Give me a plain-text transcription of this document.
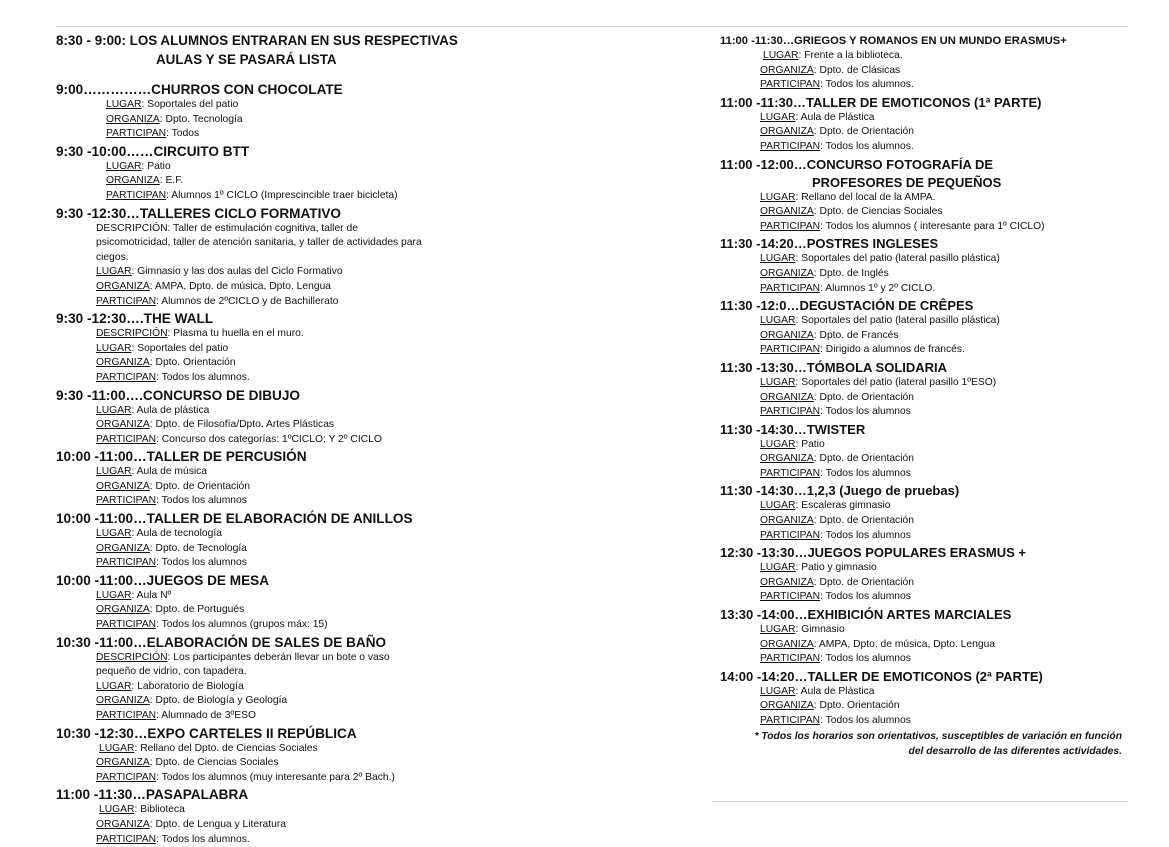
8:30 - 9:00: LOS ALUMNOS ENTRARAN EN SUS RESPECTIVAS
AULAS Y SE PASARÁ LISTA
9:00……………CHURROS CON CHOCOLATE
LUGAR: Soportales del patio
ORGANIZA: Dpto. Tecnología
PARTICIPAN: Todos
9:30 -10:00……CIRCUITO BTT
LUGAR: Patio
ORGANIZA: E.F.
PARTICIPAN: Alumnos 1º CICLO (Imprescincible traer bicicleta)
9:30 -12:30…TALLERES CICLO FORMATIVO
DESCRIPCIÓN: Taller de estimulación cognitiva, taller de psicomotricidad, taller de atención sanitaria, y taller de actividades para ciegos.
LUGAR: Gimnasio y las dos aulas del Ciclo Formativo
ORGANIZA: AMPA, Dpto. de música, Dpto. Lengua
PARTICIPAN: Alumnos de 2ºCICLO y de Bachillerato
9:30 -12:30….THE WALL
DESCRIPCIÓN: Plasma tu huella en el muro.
LUGAR: Soportales del patio
ORGANIZA: Dpto. Orientación
PARTICIPAN: Todos los alumnos.
9:30 -11:00….CONCURSO DE DIBUJO
LUGAR: Aula de plástica
ORGANIZA: Dpto. de Filosofía/Dpto. Artes Plásticas
PARTICIPAN: Concurso dos categorías: 1ºCICLO; Y 2º CICLO
10:00 -11:00…TALLER DE PERCUSIÓN
LUGAR: Aula de música
ORGANIZA: Dpto. de Orientación
PARTICIPAN: Todos los alumnos
10:00 -11:00…TALLER DE ELABORACIÓN DE ANILLOS
LUGAR: Aula de tecnología
ORGANIZA: Dpto. de Tecnología
PARTICIPAN: Todos los alumnos
10:00 -11:00…JUEGOS DE MESA
LUGAR: Aula Nº
ORGANIZA: Dpto. de Portugués
PARTICIPAN: Todos los alumnos (grupos máx: 15)
10:30 -11:00…ELABORACIÓN DE SALES DE BAÑO
DESCRIPCIÓN: Los participantes deberán llevar un bote o vaso pequeño de vidrio, con tapadera.
LUGAR: Laboratorio de Biología
ORGANIZA: Dpto. de Biología y Geología
PARTICIPAN: Alumnado de 3ºESO
10:30 -12:30…EXPO CARTELES II REPÚBLICA
LUGAR: Rellano del Dpto. de Ciencias Sociales
ORGANIZA: Dpto. de Ciencias Sociales
PARTICIPAN: Todos los alumnos (muy interesante para 2º Bach.)
11:00 -11:30…PASAPALABRA
LUGAR: Biblioteca
ORGANIZA: Dpto. de Lengua y Literatura
PARTICIPAN: Todos los alumnos.
11:00 -11:30…GRIEGOS Y ROMANOS EN UN MUNDO ERASMUS+
LUGAR: Frente a la biblioteca.
ORGANIZA: Dpto. de Clásicas
PARTICIPAN: Todos los alumnos.
11:00 -11:30…TALLER DE EMOTICONOS (1ª PARTE)
LUGAR: Aula de Plástica
ORGANIZA: Dpto. de Orientación
PARTICIPAN: Todos los alumnos.
11:00 -12:00…CONCURSO FOTOGRAFÍA DE
PROFESORES DE PEQUEÑOS
LUGAR: Rellano del local de la AMPA.
ORGANIZA: Dpto. de Ciencias Sociales
PARTICIPAN: Todos los alumnos ( interesante para 1º CICLO)
11:30 -14:20…POSTRES INGLESES
LUGAR: Soportales del patio (lateral pasillo plástica)
ORGANIZA: Dpto. de Inglés
PARTICIPAN: Alumnos 1º y 2º CICLO.
11:30 -12:0…DEGUSTACIÓN DE CRÊPES
LUGAR: Soportales del patio (lateral pasillo plástica)
ORGANIZA: Dpto. de Francés
PARTICIPAN: Dirigido a alumnos de francés.
11:30 -13:30…TÓMBOLA SOLIDARIA
LUGAR: Soportales del patio (lateral pasillo 1ºESO)
ORGANIZA: Dpto. de Orientación
PARTICIPAN: Todos los alumnos
11:30 -14:30…TWISTER
LUGAR: Patio
ORGANIZA: Dpto. de Orientación
PARTICIPAN: Todos los alumnos
11:30 -14:30…1,2,3 (Juego de pruebas)
LUGAR: Escaleras gimnasio
ORGANIZA: Dpto. de Orientación
PARTICIPAN: Todos los alumnos
12:30 -13:30…JUEGOS POPULARES ERASMUS +
LUGAR: Patio y gimnasio
ORGANIZA: Dpto. de Orientación
PARTICIPAN: Todos los alumnos
13:30 -14:00…EXHIBICIÓN ARTES MARCIALES
LUGAR: Gimnasio
ORGANIZA: AMPA, Dpto. de música, Dpto. Lengua
PARTICIPAN: Todos los alumnos
14:00 -14:20…TALLER DE EMOTICONOS (2ª PARTE)
LUGAR: Aula de Plástica
ORGANIZA: Dpto. Orientación
PARTICIPAN: Todos los alumnos
* Todos los horarios son orientativos, susceptibles de variación en función
del desarrollo de las diferentes actividades.
